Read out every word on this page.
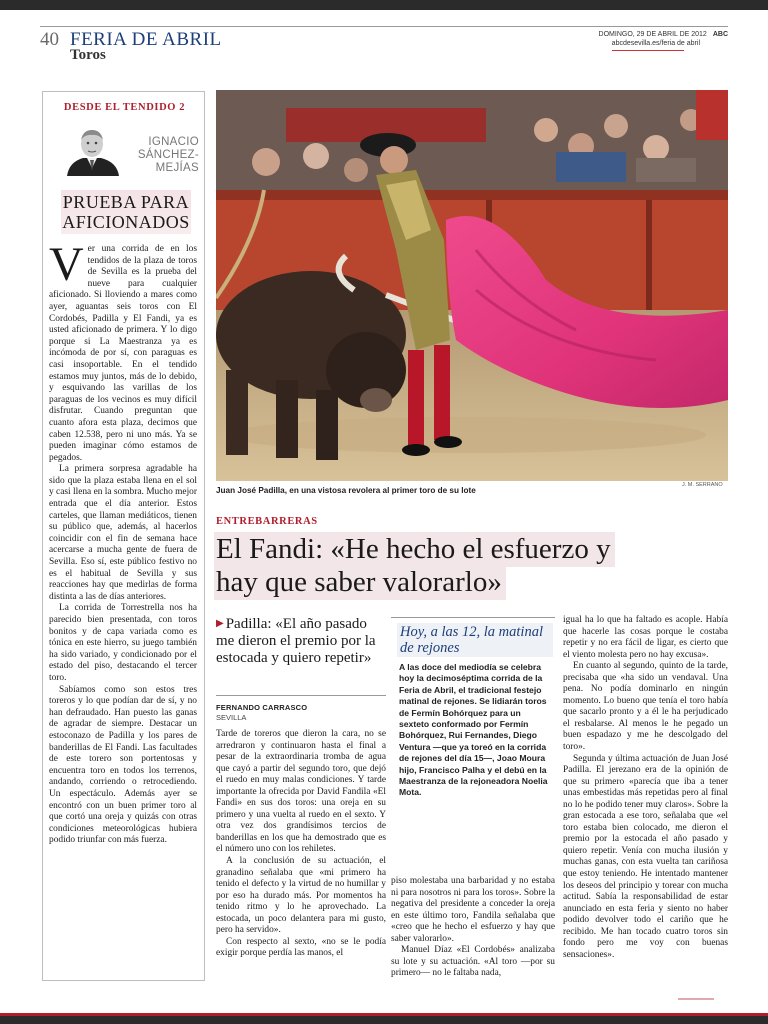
40 FERIA DE ABRIL
Toros
DOMINGO, 29 DE ABRIL DE 2012 ABC
abcdesevilla.es/feria de abril
DESDE EL TENDIDO 2
IGNACIO
SÁNCHEZ-
MEJÍAS
PRUEBA PARA AFICIONADOS

Ver una corrida de en los tendidos de la plaza de toros de Sevilla es la prueba del nueve para cualquier aficionado. Si lloviendo a mares como ayer, aguantas seis toros con El Cordobés, Padilla y El Fandi, ya es usted aficionado de primera. Y lo digo porque si La Maestranza ya es incómoda de por sí, con paraguas es casi insoportable. En el tendido estamos muy juntos, más de lo debido, y esquivando las varillas de los paraguas de los vecinos es muy difícil disfrutar. Cuando preguntan que cuanto afora esta plaza, decimos que caben 12.538, pero ni uno más. Ya se pueden imaginar cómo estamos de pegados.

La primera sorpresa agradable ha sido que la plaza estaba llena en el sol y casi llena en la sombra. Mucho mejor entrada que el día anterior. Estos carteles, que llaman mediáticos, tienen su público que, además, al hacerlos coincidir con el fin de semana hace acercarse a mucha gente de fuera de Sevilla. Eso sí, este público festivo no es el habitual de Sevilla y sus reacciones hay que medirlas de forma distinta a las de días anteriores.

La corrida de Torrestrella nos ha parecido bien presentada, con toros bonitos y de capa variada como es tónica en este hierro, su juego también ha sido variado, y condicionado por el estado del piso, destacando el tercer toro.

Sabíamos como son estos tres toreros y lo que podían dar de sí, y no han defraudado. Han puesto las ganas de agradar de siempre. Destacar un estoconazo de Padilla y los pares de banderillas de El Fandi. Las facultades de este torero son portentosas y encuentra toro en todos los terrenos, andando, corriendo o retrocediendo. Un espectáculo. Además ayer se encontró con un buen primer toro al que cortó una oreja y quizás con otras condiciones meteorológicas hubiera podido triunfar con más fuerza.

Juan José Padilla, en una vistosa revolera al primer toro de su lote
J. M. SERRANO
ENTREBARRERAS
El Fandi: «He hecho el esfuerzo y
hay que saber valorarlo»
▶ Padilla: «El año pasado me dieron el premio por la estocada y quiero repetir»
FERNANDO CARRASCO
SEVILLA

Tarde de toreros que dieron la cara, no se arredraron y continuaron hasta el final a pesar de la extraordinaria tromba de agua que cayó a partir del segundo toro, que dejó el ruedo en muy malas condiciones. Y tarde importante la ofrecida por David Fandila «El Fandi» en sus dos toros: una oreja en su primero y una vuelta al ruedo en el sexto. Y otra vez dos grandísimos tercios de banderillas en los que ha demostrado que es el número uno con los rehiletes.

A la conclusión de su actuación, el granadino señalaba que «mi primero ha tenido el defecto y la virtud de no humillar y por eso ha durado más. Por momentos ha tenido ritmo y lo he aprovechado. La estocada, un poco delantera para mi gusto, pero ha servido».

Con respecto al sexto, «no se le podía exigir porque perdía las manos, el

Hoy, a las 12, la matinal de rejones
A las doce del mediodía se celebra hoy la decimoséptima corrida de la Feria de Abril, el tradicional festejo matinal de rejones. Se lidiarán toros de Fermín Bohórquez para un sexteto conformado por Fermín Bohórquez, Rui Fernandes, Diego Ventura —que ya toreó en la corrida de rejones del día 15—, Joao Moura hijo, Francisco Palha y el debú en la Maestranza de la rejoneadora Noelia Mota.

piso molestaba una barbaridad y no estaba ni para nosotros ni para los toros». Sobre la negativa del presidente a conceder la oreja en este último toro, Fandila señalaba que «creo que he hecho el esfuerzo y hay que saber valorarlo».

Manuel Díaz «El Cordobés» analizaba su lote y su actuación. «Al toro —por su primero— no le faltaba nada,

igual ha lo que ha faltado es acople. Había que hacerle las cosas porque le costaba repetir y no era fácil de ligar, es cierto que el viento molesta pero no hay excusa».

En cuanto al segundo, quinto de la tarde, precisaba que «ha sido un vendaval. Una pena. No podía dominarlo en ningún momento. Lo bueno que tenía el toro había que sacarlo pronto y a él le ha perjudicado el resbalarse. Al menos le he pegado un buen espadazo y me he descolgado del toro».

Segunda y última actuación de Juan José Padilla. El jerezano era de la opinión de que su primero «parecía que iba a tener unas embestidas más repetidas pero al final no lo he podido tener muy claros». Sobre la gran estocada a ese toro, señalaba que «el toro estaba bien colocado, me dieron el premio por la estocada el año pasado y quiero repetir. Venía con mucha ilusión y muchas ganas, con esta vuelta tan cariñosa que estoy teniendo. He intentado mantener los deseos del principio y torear con mucha actitud. Sabía la responsabilidad de estar anunciado en esta feria y siento no haber podido devolver todo el cariño que he recibido. Me han tocado cuatro toros sin fondo pero me voy con buenas sensaciones».
